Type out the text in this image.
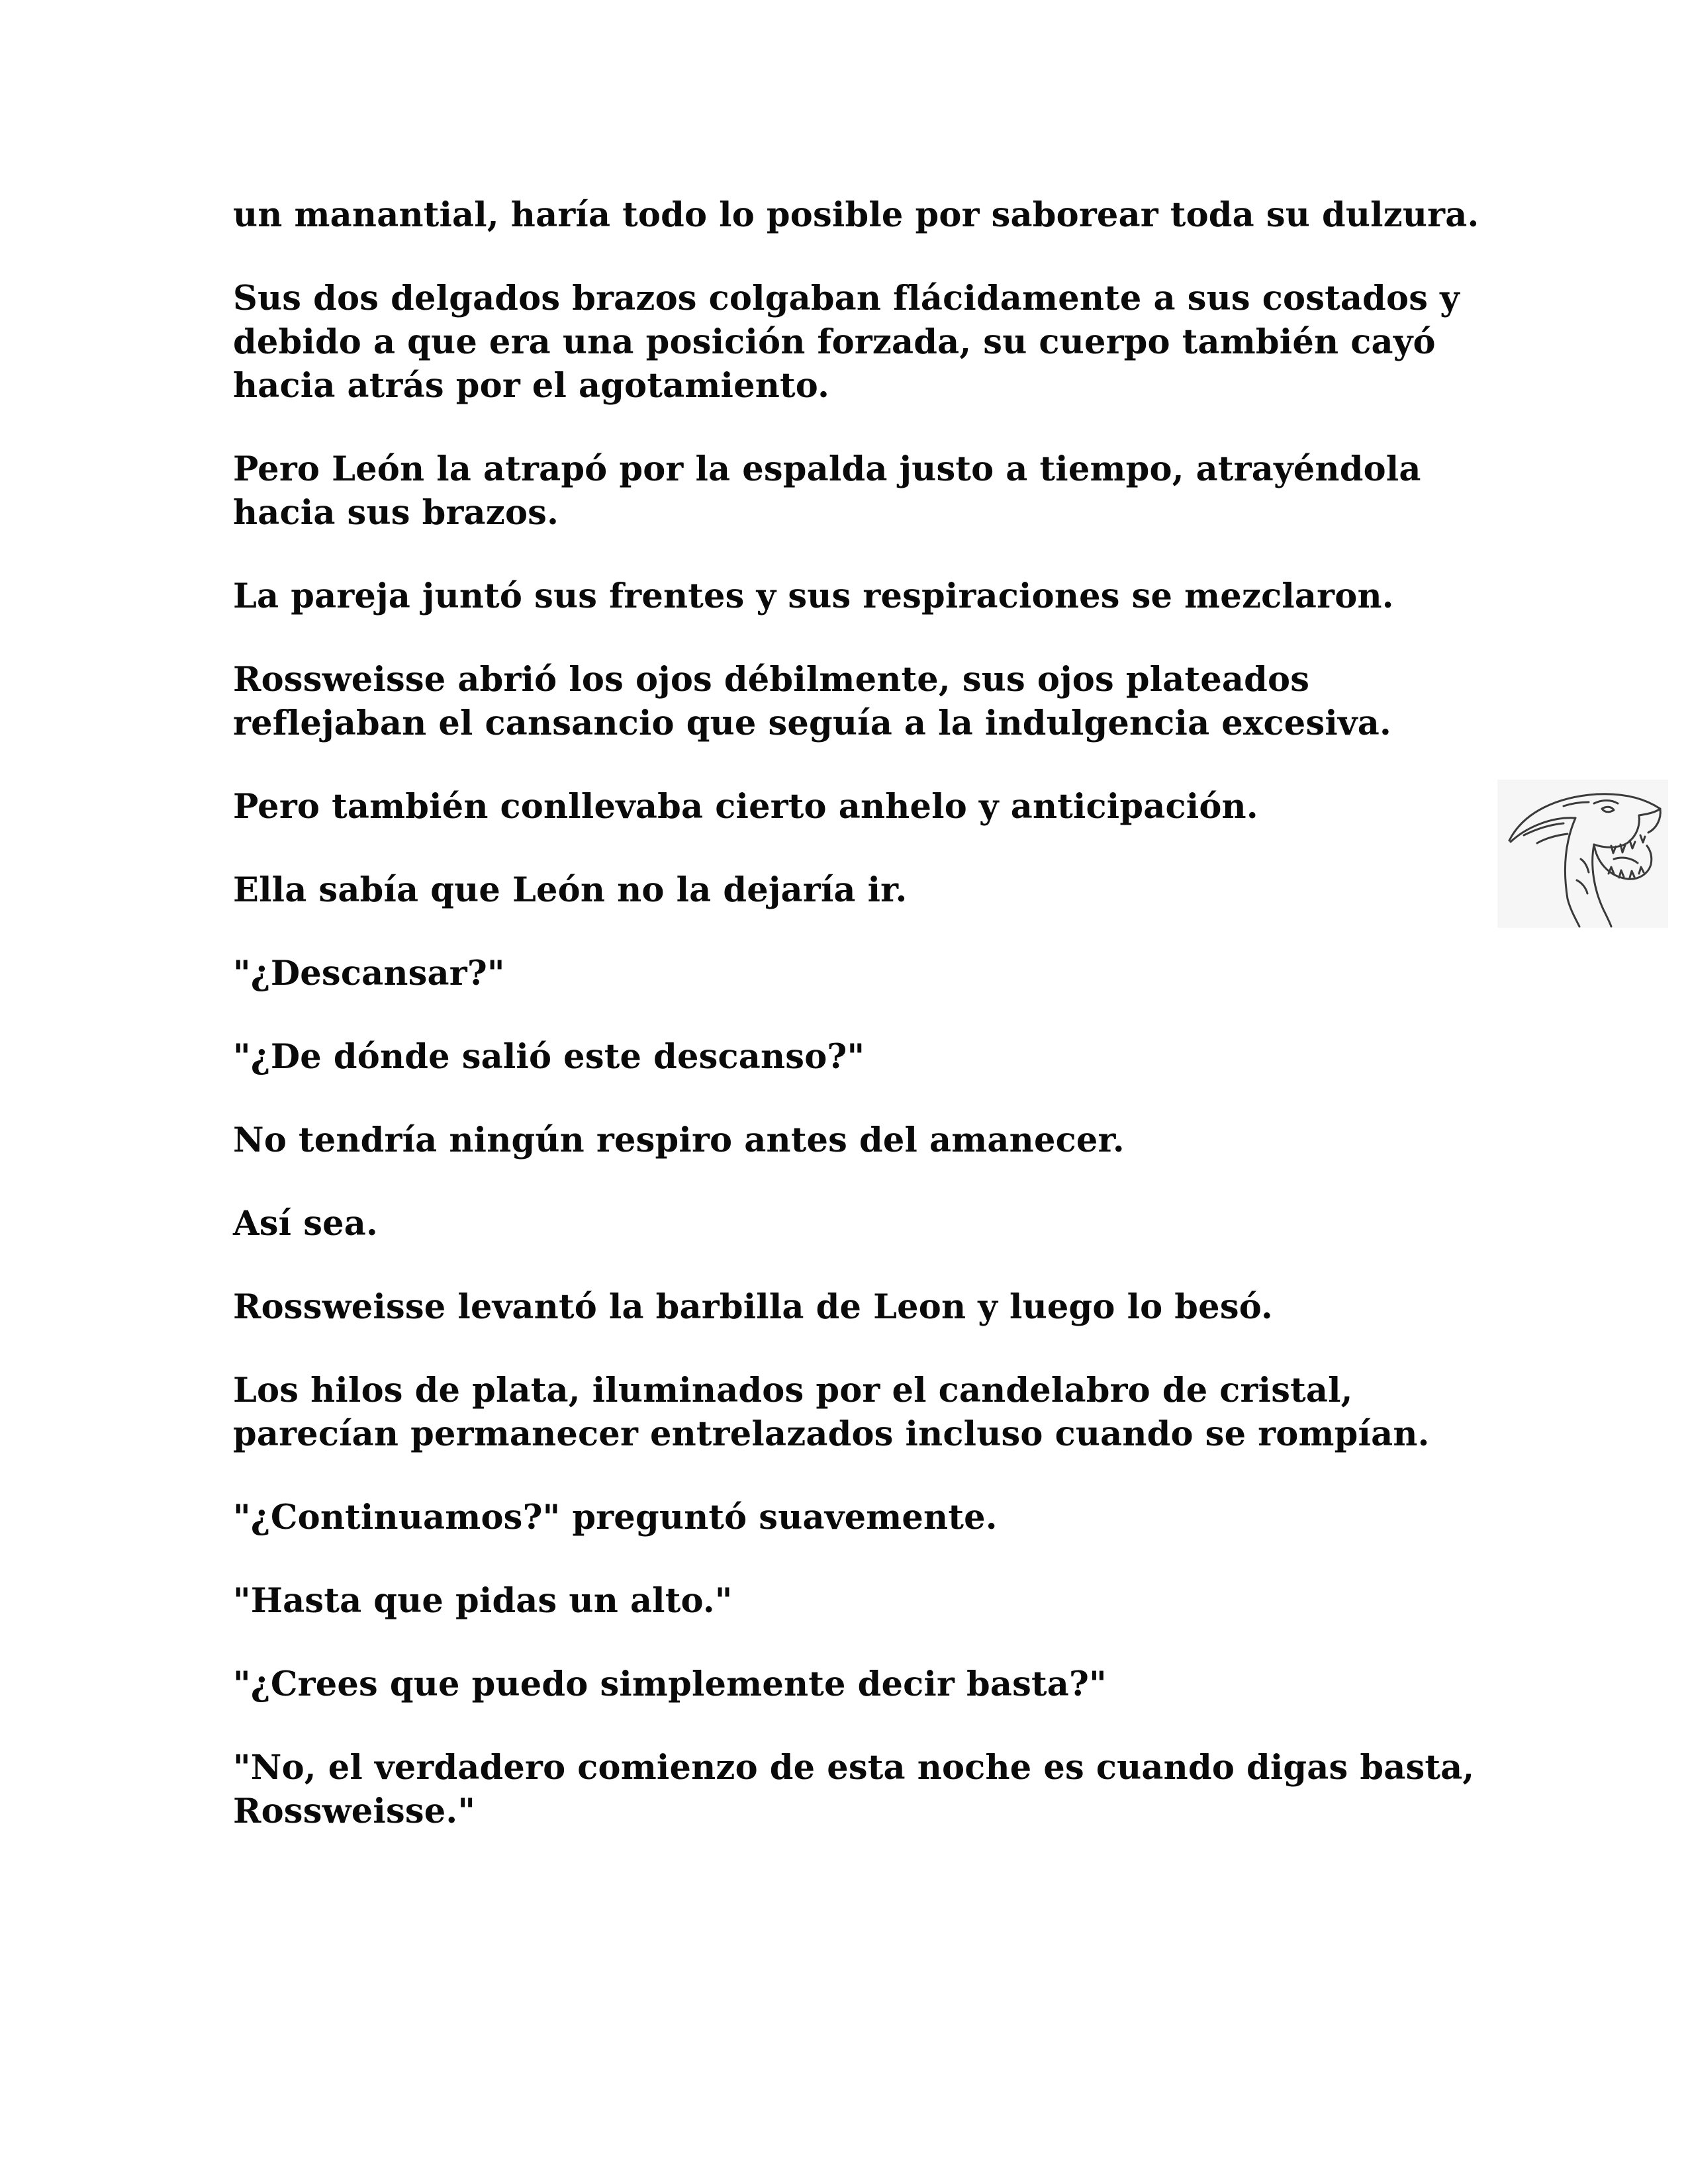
un manantial, haría todo lo posible por saborear toda su dulzura.

Sus dos delgados brazos colgaban flácidamente a sus costados y debido a que era una posición forzada, su cuerpo también cayó hacia atrás por el agotamiento.

Pero León la atrapó por la espalda justo a tiempo, atrayéndola hacia sus brazos.

La pareja juntó sus frentes y sus respiraciones se mezclaron.

Rossweisse abrió los ojos débilmente, sus ojos plateados reflejaban el cansancio que seguía a la indulgencia excesiva.

Pero también conllevaba cierto anhelo y anticipación.

Ella sabía que León no la dejaría ir.

"¿Descansar?"

"¿De dónde salió este descanso?"

No tendría ningún respiro antes del amanecer.

Así sea.

Rossweisse levantó la barbilla de Leon y luego lo besó.

Los hilos de plata, iluminados por el candelabro de cristal, parecían permanecer entrelazados incluso cuando se rompían.

"¿Continuamos?" preguntó suavemente.

"Hasta que pidas un alto."

"¿Crees que puedo simplemente decir basta?"

"No, el verdadero comienzo de esta noche es cuando digas basta, Rossweisse."
